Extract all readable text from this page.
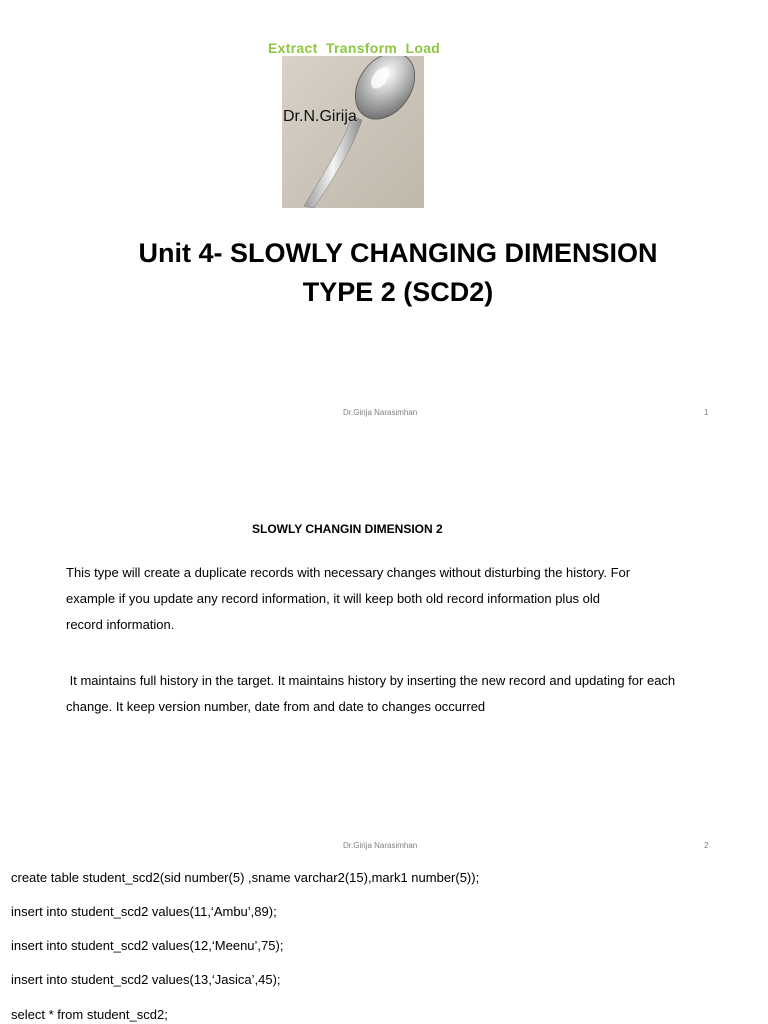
Extract  Transform  Load
Dr.N.Girija
Unit 4- SLOWLY CHANGING DIMENSION
TYPE 2 (SCD2)
Dr.Girija Narasimhan	1
SLOWLY CHANGIN DIMENSION 2
This type will create a duplicate records with necessary changes without disturbing the history. For
example if you update any record information, it will keep both old record information plus old
record information.
It maintains full history in the target. It maintains history by inserting the new record and updating for each
change. It keep version number, date from and date to changes occurred
Dr.Girija Narasimhan	2
create table student_scd2(sid number(5) ,sname varchar2(15),mark1 number(5));
insert into student_scd2 values(11,‘Ambu’,89);
insert into student_scd2 values(12,‘Meenu’,75);
insert into student_scd2 values(13,‘Jasica’,45);
select * from student_scd2;
